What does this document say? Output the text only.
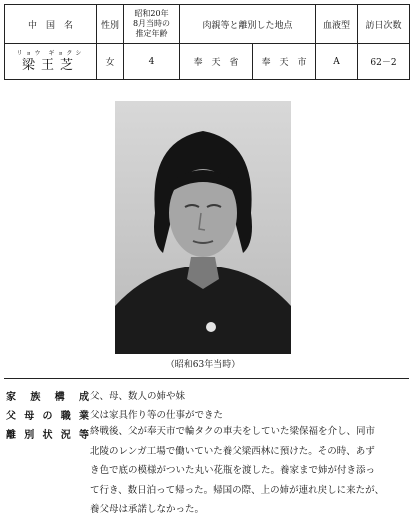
中　国　名	性別	昭和20年
8月当時の
推定年齢	肉親等と離別した地点		血液型	訪日次数

リョウ ギョクシ
梁王芝	女	4	奉　天　省	奉　天　市	A	62－2
（昭和63年当時）
家族構成 父、母、数人の姉や妹
父母の職業 父は家具作り等の仕事ができた
離別状況等 終戦後、父が奉天市で輪タクの車夫をしていた梁保福を介し、同市
北陵のレンガ工場で働いていた養父梁西林に預けた。その時、あず
き色で底の模様がついた丸い花瓶を渡した。養家まで姉が付き添っ
て行き、数日泊って帰った。帰国の際、上の姉が連れ戻しに来たが、
養父母は承諾しなかった。
